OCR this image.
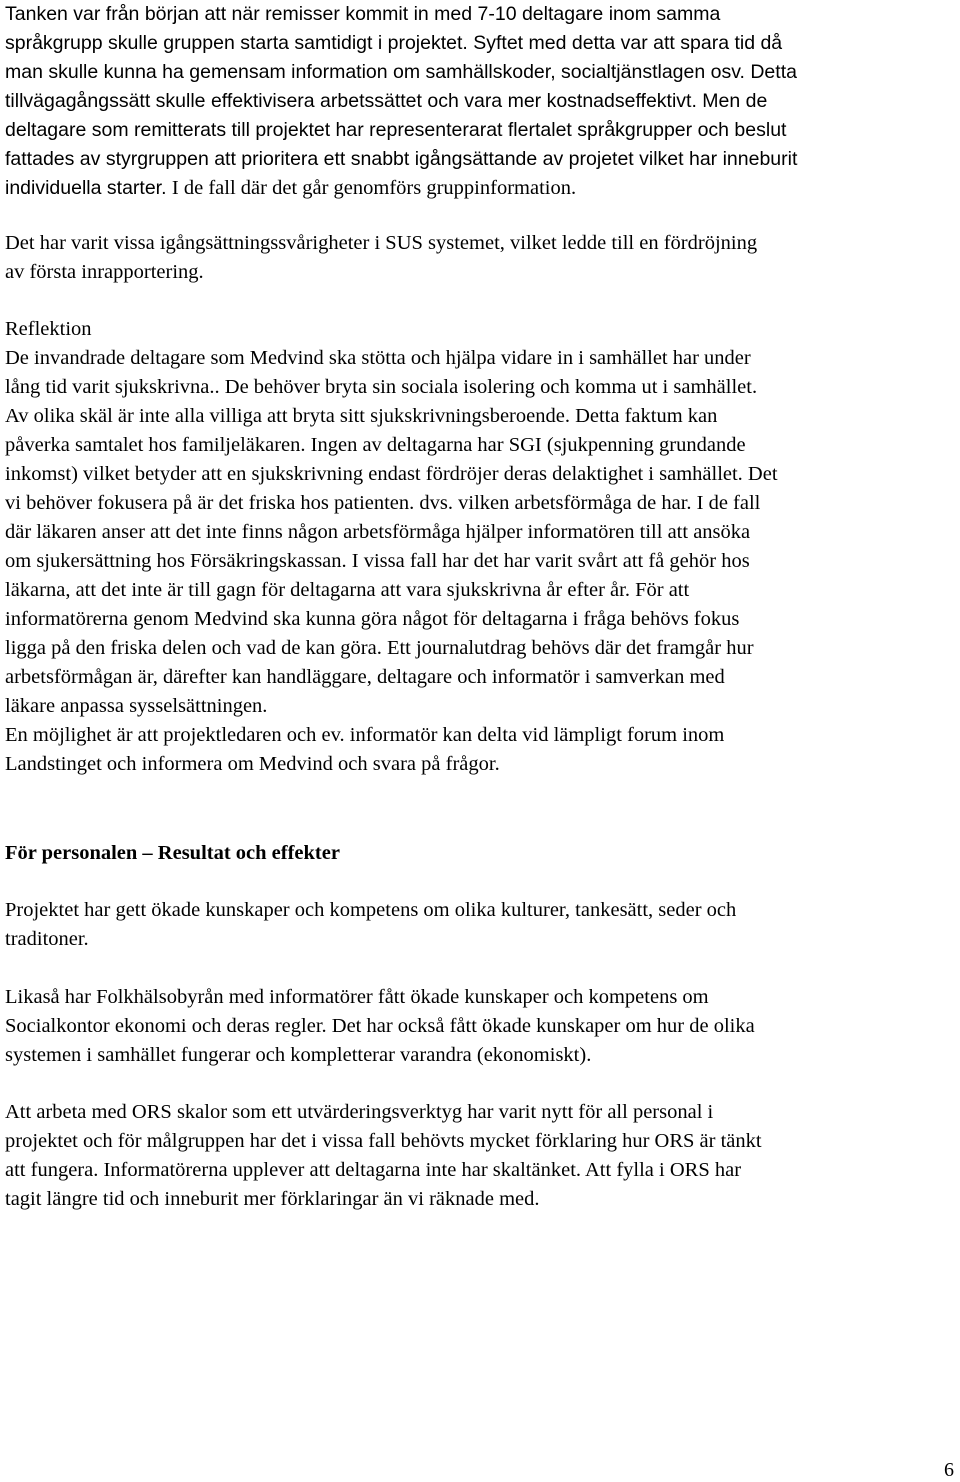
Tanken var från början att när remisser kommit in med 7-10 deltagare inom samma
språkgrupp skulle gruppen starta samtidigt i projektet. Syftet med detta var att spara tid då
man skulle kunna ha gemensam information om samhällskoder, socialtjänstlagen osv. Detta
tillvägagångssätt skulle effektivisera arbetssättet och vara mer kostnadseffektivt. Men de
deltagare som remitterats till projektet har representerarat flertalet språkgrupper och beslut
fattades av styrgruppen att prioritera ett snabbt igångsättande av projetet vilket har inneburit
individuella starter. I de fall där det går genomförs gruppinformation.

Det har varit vissa igångsättningssvårigheter i SUS systemet, vilket ledde till en fördröjning
av första inrapportering.

Reflektion

De invandrade deltagare som Medvind ska stötta och hjälpa vidare in i samhället har under
lång tid varit sjukskrivna.. De behöver bryta sin sociala isolering och komma ut i samhället.
Av olika skäl är inte alla villiga att bryta sitt sjukskrivningsberoende. Detta faktum kan
påverka samtalet hos familjeläkaren. Ingen av deltagarna har SGI (sjukpenning grundande
inkomst) vilket betyder att en sjukskrivning endast fördröjer deras delaktighet i samhället. Det
vi behöver fokusera på är det friska hos patienten. dvs. vilken arbetsförmåga de har. I de fall
där läkaren anser att det inte finns någon arbetsförmåga hjälper informatören till att ansöka
om sjukersättning hos Försäkringskassan. I vissa fall har det har varit svårt att få gehör hos
läkarna, att det inte är till gagn för deltagarna att vara sjukskrivna år efter år. För att
informatörerna genom Medvind ska kunna göra något för deltagarna i fråga behövs fokus
ligga på den friska delen och vad de kan göra. Ett journalutdrag behövs där det framgår hur
arbetsförmågan är, därefter kan handläggare, deltagare och informatör i samverkan med
läkare anpassa sysselsättningen.
En möjlighet är att projektledaren och ev. informatör kan delta vid lämpligt forum inom
Landstinget och informera om Medvind och svara på frågor.

För personalen – Resultat och effekter

Projektet har gett ökade kunskaper och kompetens om olika kulturer, tankesätt, seder och
traditoner.

Likaså har Folkhälsobyrån med informatörer fått ökade kunskaper och kompetens om
Socialkontor ekonomi och deras regler. Det har också fått ökade kunskaper om hur de olika
systemen i samhället fungerar och kompletterar varandra (ekonomiskt).

Att arbeta med ORS skalor som ett utvärderingsverktyg har varit nytt för all personal i
projektet och för målgruppen har det i vissa fall behövts mycket förklaring hur ORS är tänkt
att fungera. Informatörerna upplever att deltagarna inte har skaltänket. Att fylla i ORS har
tagit längre tid och inneburit mer förklaringar än vi räknade med.

6
